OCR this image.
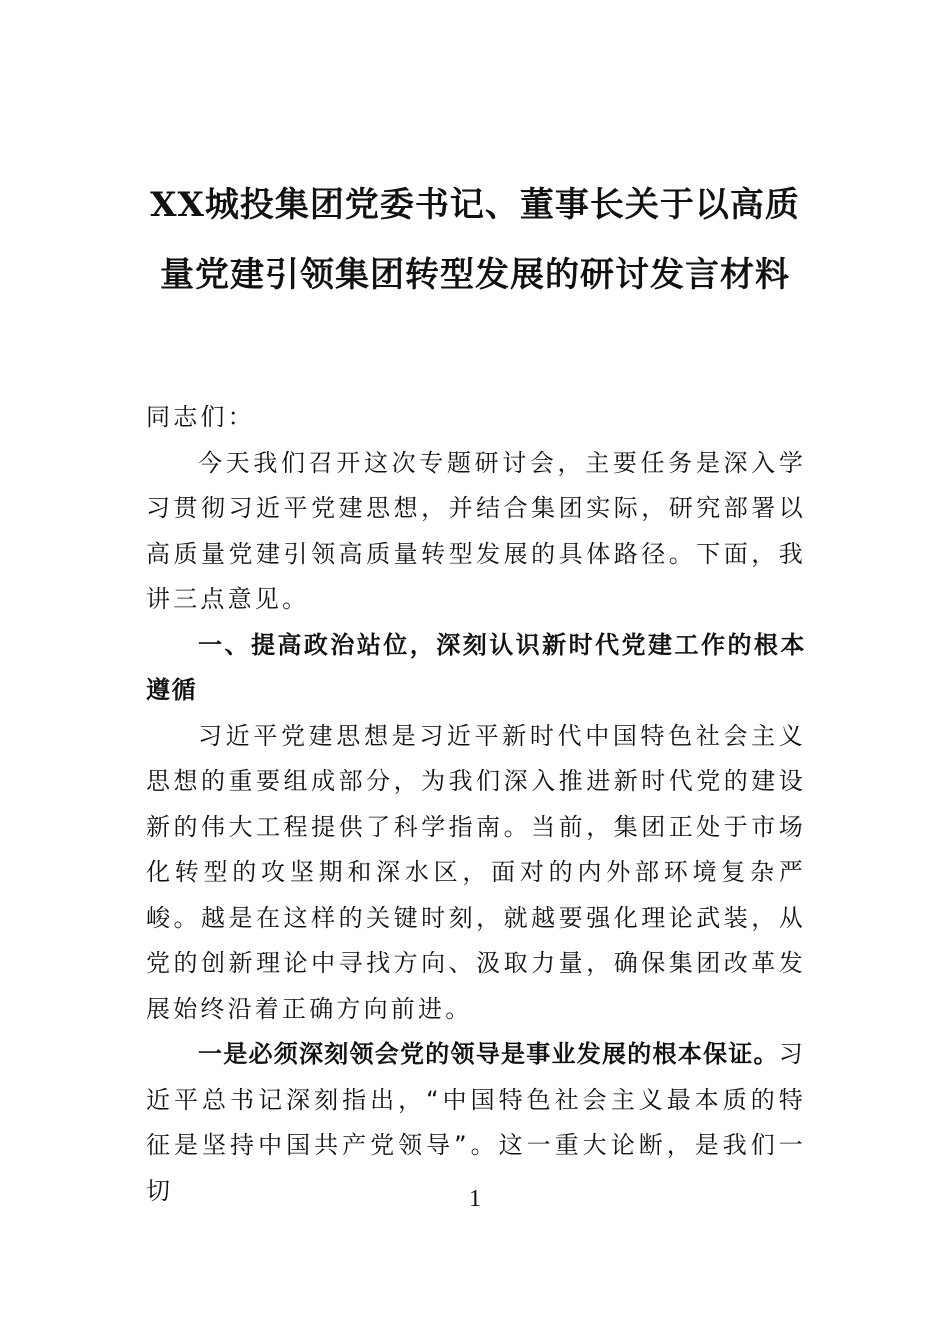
XX城投集团党委书记、董事长关于以高质
量党建引领集团转型发展的研讨发言材料

同志们：

今天我们召开这次专题研讨会，主要任务是深入学习贯彻习近平党建思想，并结合集团实际，研究部署以高质量党建引领高质量转型发展的具体路径。下面，我讲三点意见。

一、提高政治站位，深刻认识新时代党建工作的根本遵循

习近平党建思想是习近平新时代中国特色社会主义思想的重要组成部分，为我们深入推进新时代党的建设新的伟大工程提供了科学指南。当前，集团正处于市场化转型的攻坚期和深水区，面对的内外部环境复杂严峻。越是在这样的关键时刻，就越要强化理论武装，从党的创新理论中寻找方向、汲取力量，确保集团改革发展始终沿着正确方向前进。

一是必须深刻领会党的领导是事业发展的根本保证。习近平总书记深刻指出，“中国特色社会主义最本质的特征是坚持中国共产党领导”。这一重大论断，是我们一切	1
